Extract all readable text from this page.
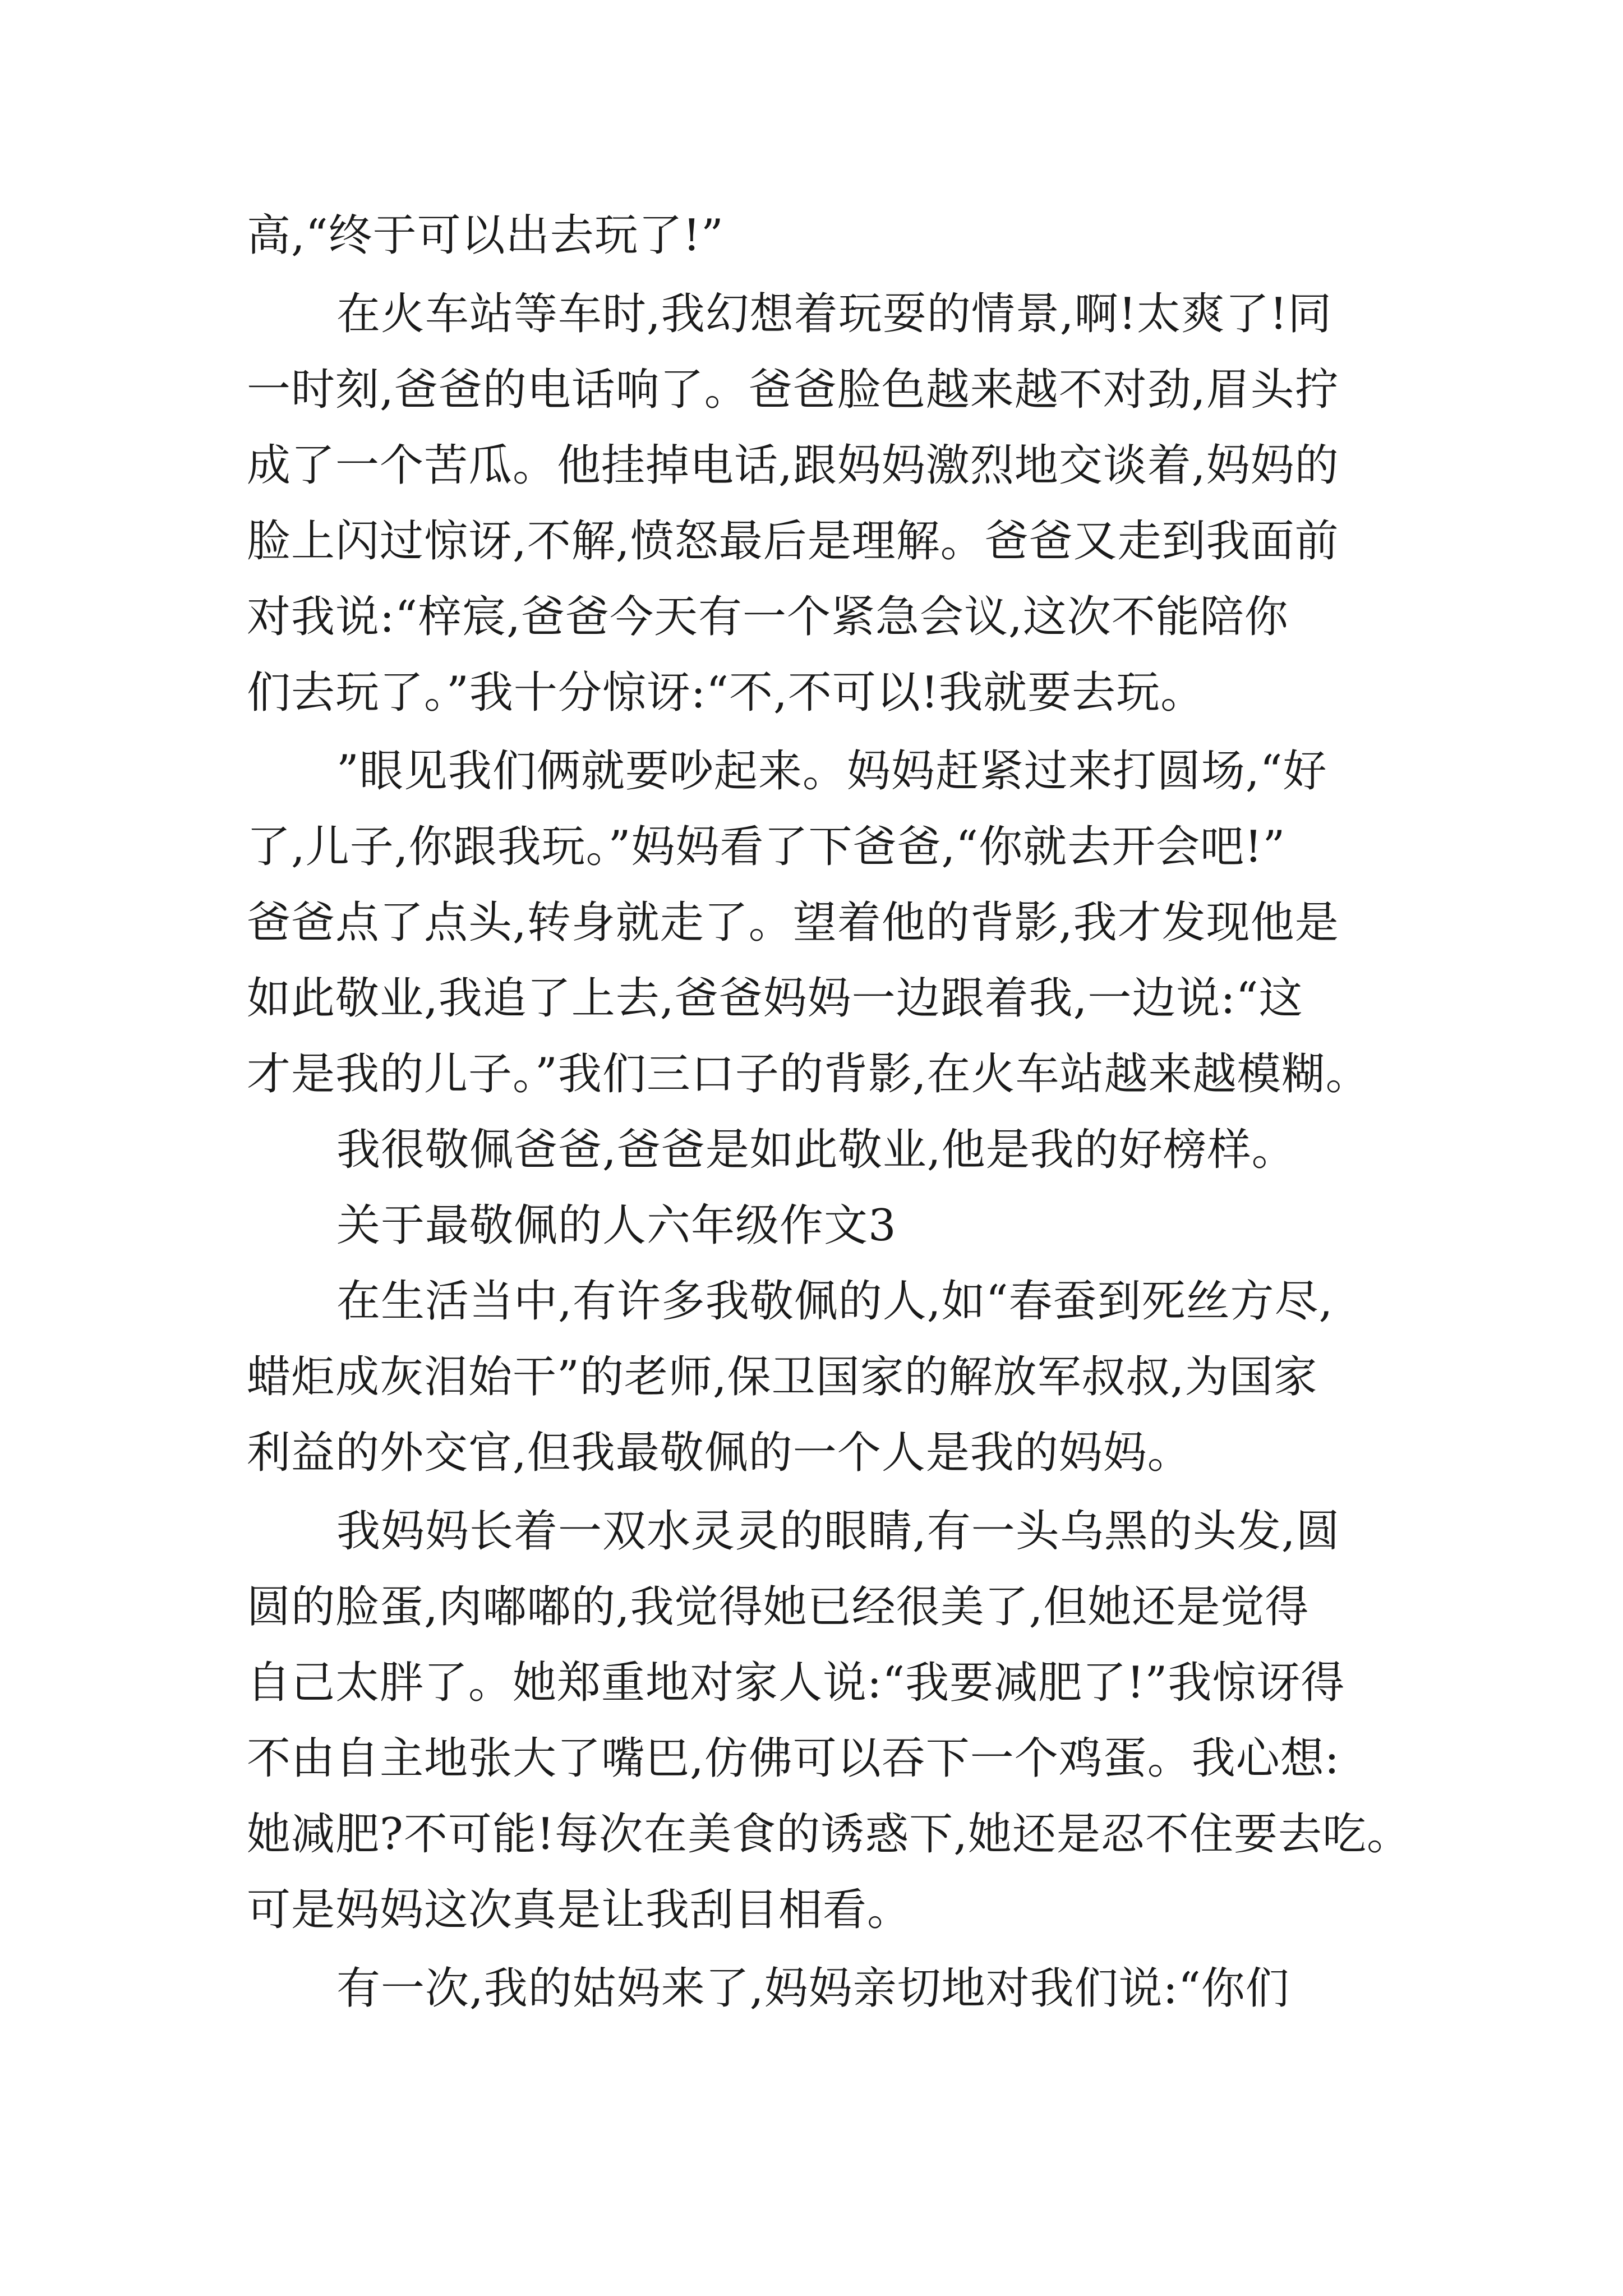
高,“终于可以出去玩了!”
在火车站等车时,我幻想着玩耍的情景,啊!太爽了!同
一时刻,爸爸的电话响了。爸爸脸色越来越不对劲,眉头拧
成了一个苦瓜。他挂掉电话,跟妈妈激烈地交谈着,妈妈的
脸上闪过惊讶,不解,愤怒最后是理解。爸爸又走到我面前
对我说:“梓宸,爸爸今天有一个紧急会议,这次不能陪你
们去玩了。”我十分惊讶:“不,不可以!我就要去玩。
”眼见我们俩就要吵起来。妈妈赶紧过来打圆场,“好
了,儿子,你跟我玩。”妈妈看了下爸爸,“你就去开会吧!”
爸爸点了点头,转身就走了。望着他的背影,我才发现他是
如此敬业,我追了上去,爸爸妈妈一边跟着我,一边说:“这
才是我的儿子。”我们三口子的背影,在火车站越来越模糊。
我很敬佩爸爸,爸爸是如此敬业,他是我的好榜样。
关于最敬佩的人六年级作文3
在生活当中,有许多我敬佩的人,如“春蚕到死丝方尽,
蜡炬成灰泪始干”的老师,保卫国家的解放军叔叔,为国家
利益的外交官,但我最敬佩的一个人是我的妈妈。
我妈妈长着一双水灵灵的眼睛,有一头乌黑的头发,圆
圆的脸蛋,肉嘟嘟的,我觉得她已经很美了,但她还是觉得
自己太胖了。她郑重地对家人说:“我要减肥了!”我惊讶得
不由自主地张大了嘴巴,仿佛可以吞下一个鸡蛋。我心想:
她减肥?不可能!每次在美食的诱惑下,她还是忍不住要去吃。
可是妈妈这次真是让我刮目相看。
有一次,我的姑妈来了,妈妈亲切地对我们说:“你们
